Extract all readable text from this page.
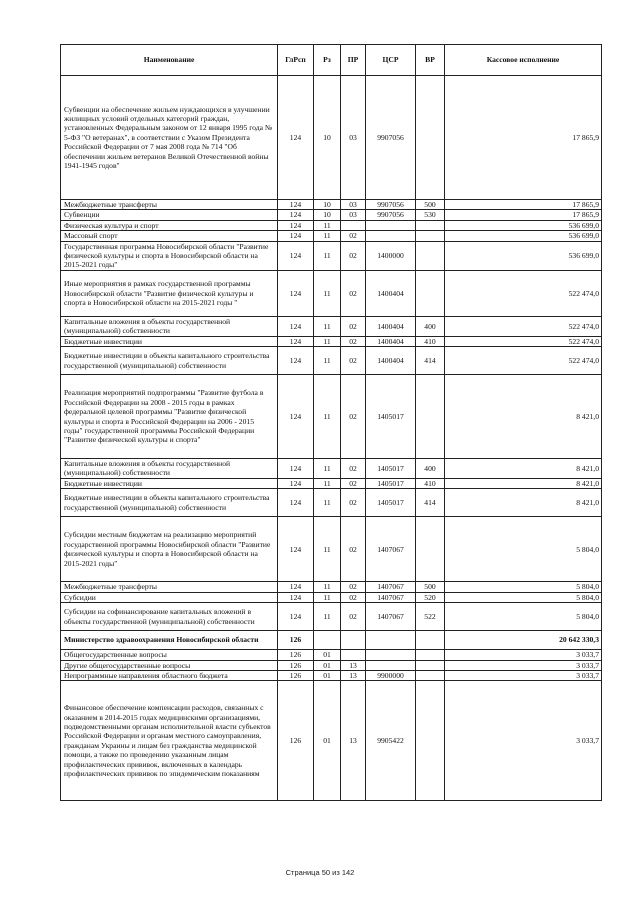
Наименование	ГлРсп	Рз	ПР	ЦСР	ВР	Кассовое исполнение
Субвенции на обеспечение жильем нуждающихся в улучшении жилищных условий отдельных категорий граждан, установленных Федеральным законом от 12 января 1995 года № 5-ФЗ "О ветеранах", в соответствии с Указом Президента Российской Федерации от 7 мая 2008 года № 714 "Об обеспечении жильем ветеранов Великой Отечественной войны 1941-1945 годов"	124	10	03	9907056		17 865,9
Межбюджетные трансферты	124	10	03	9907056	500	17 865,9
Субвенции	124	10	03	9907056	530	17 865,9
Физическая культура и спорт	124	11				536 699,0
Массовый спорт	124	11	02			536 699,0
Государственная программа Новосибирской области "Развитие физической культуры и спорта в Новосибирской области на 2015-2021 годы"	124	11	02	1400000		536 699,0
Иные мероприятия в рамках государственной программы Новосибирской области "Развитие физической культуры и спорта в Новосибирской области на 2015-2021 годы "	124	11	02	1400404		522 474,0
Капитальные вложения в объекты государственной (муниципальной) собственности	124	11	02	1400404	400	522 474,0
Бюджетные инвестиции	124	11	02	1400404	410	522 474,0
Бюджетные инвестиции в объекты капитального строительства государственной (муниципальной) собственности	124	11	02	1400404	414	522 474,0
Реализация мероприятий подпрограммы "Развитие футбола в Российской Федерации на 2008 - 2015 годы в рамках федеральной целевой программы "Развитие физической культуры и спорта в Российской Федерации на 2006 - 2015 годы" государственной программы Российской Федерации "Развитие физической культуры и спорта"	124	11	02	1405017		8 421,0
Капитальные вложения в объекты государственной (муниципальной) собственности	124	11	02	1405017	400	8 421,0
Бюджетные инвестиции	124	11	02	1405017	410	8 421,0
Бюджетные инвестиции в объекты капитального строительства государственной (муниципальной) собственности	124	11	02	1405017	414	8 421,0
Субсидии местным бюджетам на реализацию мероприятий государственной программы Новосибирской области "Развитие физической культуры и спорта в Новосибирской области на 2015-2021 годы"	124	11	02	1407067		5 804,0
Межбюджетные трансферты	124	11	02	1407067	500	5 804,0
Субсидии	124	11	02	1407067	520	5 804,0
Субсидии на софинансирование капитальных вложений в объекты государственной (муниципальной) собственности	124	11	02	1407067	522	5 804,0
Министерство здравоохранения Новосибирской области	126					20 642 330,3
Общегосударственные вопросы	126	01				3 033,7
Другие общегосударственные вопросы	126	01	13			3 033,7
Непрограммные направления областного бюджета	126	01	13	9900000		3 033,7
Финансовое обеспечение компенсации расходов, связанных с оказанием в 2014-2015 годах медицинскими организациями, подведомственными органам исполнительной власти субъектов Российской Федерации и органам местного самоуправления, гражданам Украины и лицам без гражданства медицинской помощи, а также по проведению указанным лицам профилактических прививок, включенных в календарь профилактических прививок по эпидемическим показаниям	126	01	13	9905422		3 033,7
Страница 50 из 142
